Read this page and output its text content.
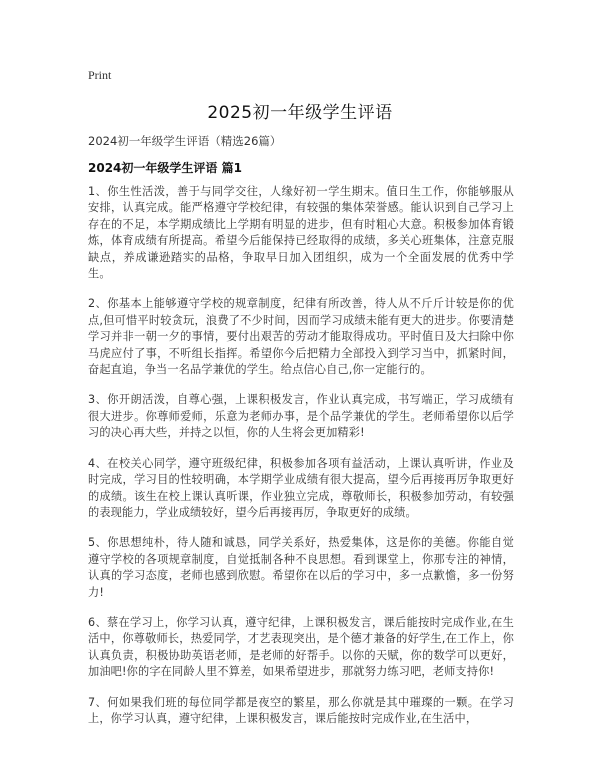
Print
2025初一年级学生评语
2024初一年级学生评语（精选26篇）
2024初一年级学生评语 篇1

1、你生性活泼，善于与同学交往，人缘好初一学生期末。值日生工作，你能够服从安排，认真完成。能严格遵守学校纪律，有较强的集体荣誉感。能认识到自己学习上存在的不足，本学期成绩比上学期有明显的进步，但有时粗心大意。积极参加体育锻炼，体育成绩有所提高。希望今后能保持已经取得的成绩，多关心班集体，注意克服缺点，养成谦逊踏实的品格，争取早日加入团组织，成为一个全面发展的优秀中学生。

2、你基本上能够遵守学校的规章制度，纪律有所改善，待人从不斤斤计较是你的优点,但可惜平时较贪玩，浪费了不少时间，因而学习成绩未能有更大的进步。你要清楚学习并非一朝一夕的事情，要付出艰苦的劳动才能取得成功。平时值日及大扫除中你马虎应付了事，不听组长指挥。希望你今后把精力全部投入到学习当中，抓紧时间，奋起直追，争当一名品学兼优的学生。给点信心自己,你一定能行的。

3、你开朗活泼，自尊心强，上课积极发言，作业认真完成，书写端正，学习成绩有很大进步。你尊师爱师，乐意为老师办事，是个品学兼优的学生。老师希望你以后学习的决心再大些，并持之以恒，你的人生将会更加精彩!

4、在校关心同学，遵守班级纪律，积极参加各项有益活动，上课认真听讲，作业及时完成，学习目的性较明确，本学期学业成绩有很大提高，望今后再接再厉争取更好的成绩。该生在校上课认真听课，作业独立完成，尊敬师长，积极参加劳动，有较强的表现能力，学业成绩较好，望今后再接再厉，争取更好的成绩。

5、你思想纯朴，待人随和诚恳，同学关系好，热爱集体，这是你的美德。你能自觉遵守学校的各项规章制度，自觉抵制各种不良思想。看到课堂上，你那专注的神情，认真的学习态度，老师也感到欣慰。希望你在以后的学习中，多一点歉憺，多一份努力!

6、蔡在学习上，你学习认真，遵守纪律，上课积极发言，课后能按时完成作业,在生活中，你尊敬师长，热爱同学，才艺表现突出，是个德才兼备的好学生,在工作上，你认真负责，积极协助英语老师，是老师的好帮手。以你的天赋，你的数学可以更好，加油吧!你的字在同龄人里不算差，如果希望进步，那就努力练习吧，老师支持你!

7、何如果我们班的每位同学都是夜空的繁星，那么你就是其中璀璨的一颗。在学习上，你学习认真，遵守纪律，上课积极发言，课后能按时完成作业,在生活中，
